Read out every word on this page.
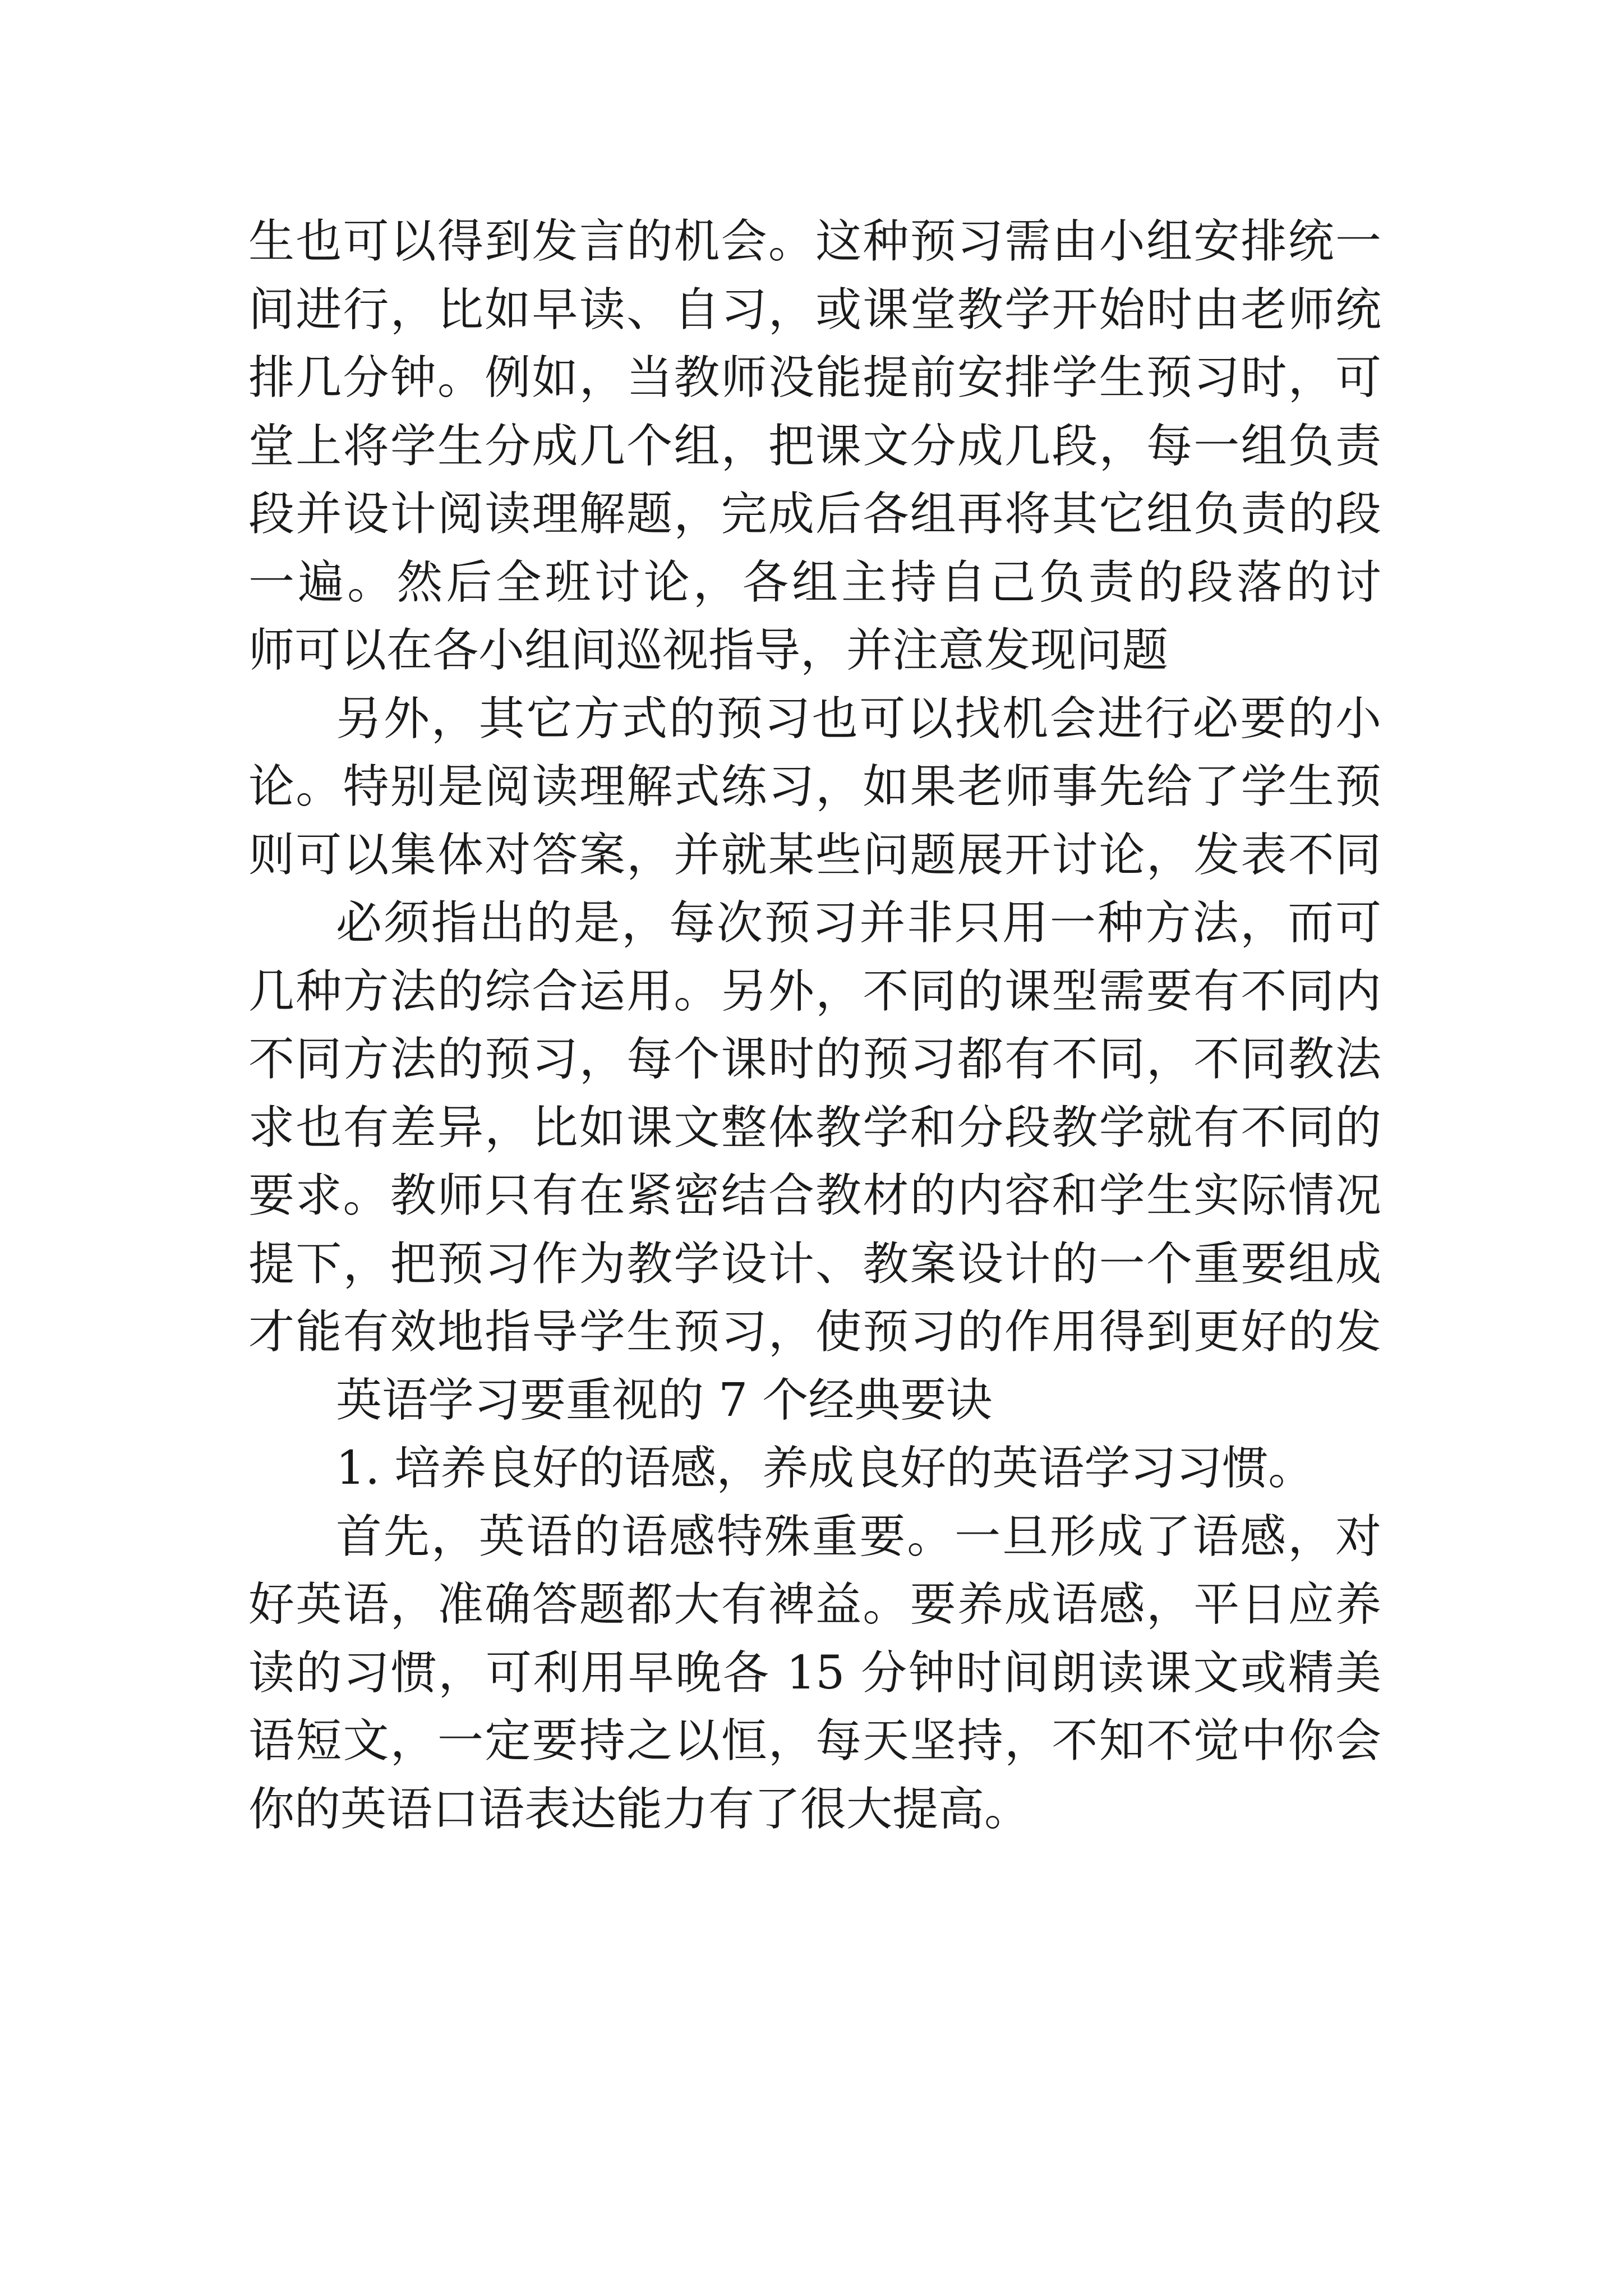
生也可以得到发言的机会。这种预习需由小组安排统一
间进行，比如早读、自习，或课堂教学开始时由老师统
排几分钟。例如，当教师没能提前安排学生预习时，可
堂上将学生分成几个组，把课文分成几段，每一组负责
段并设计阅读理解题，完成后各组再将其它组负责的段
一遍。然后全班讨论，各组主持自己负责的段落的讨
师可以在各小组间巡视指导，并注意发现问题
另外，其它方式的预习也可以找机会进行必要的小
论。特别是阅读理解式练习，如果老师事先给了学生预
则可以集体对答案，并就某些问题展开讨论，发表不同
必须指出的是，每次预习并非只用一种方法，而可
几种方法的综合运用。另外，不同的课型需要有不同内
不同方法的预习，每个课时的预习都有不同，不同教法
求也有差异，比如课文整体教学和分段教学就有不同的
要求。教师只有在紧密结合教材的内容和学生实际情况
提下，把预习作为教学设计、教案设计的一个重要组成
才能有效地指导学生预习，使预习的作用得到更好的发
英语学习要重视的 7 个经典要诀
1. 培养良好的语感，养成良好的英语学习习惯。
首先，英语的语感特殊重要。一旦形成了语感，对
好英语，准确答题都大有裨益。要养成语感，平日应养
读的习惯，可利用早晚各 15 分钟时间朗读课文或精美
语短文，一定要持之以恒，每天坚持，不知不觉中你会
你的英语口语表达能力有了很大提高。
